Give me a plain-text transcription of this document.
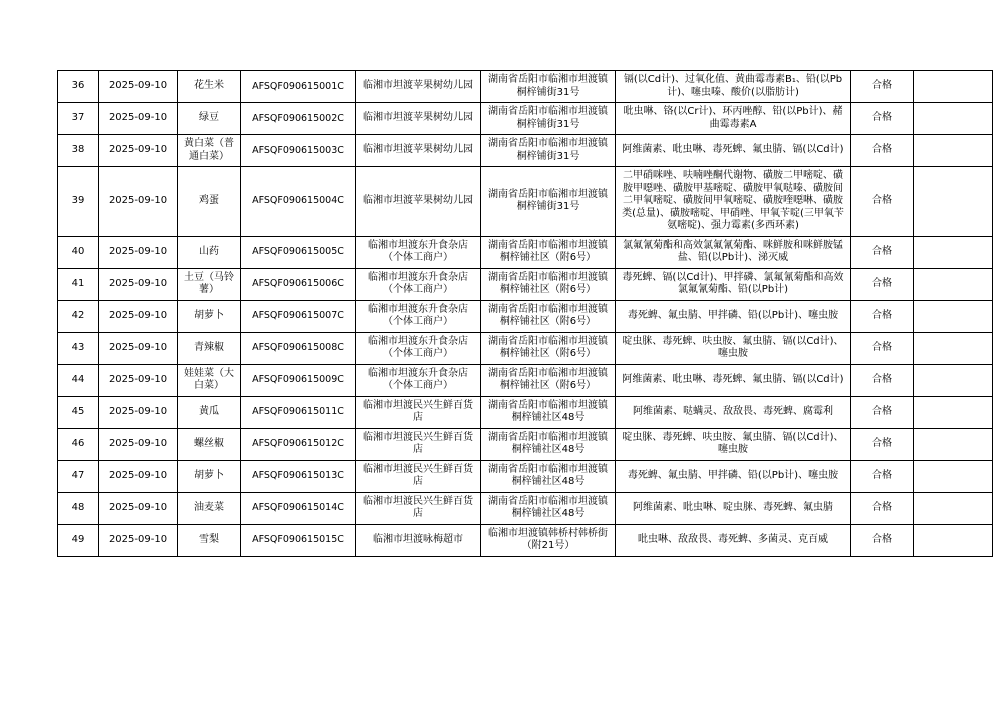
36	2025-09-10	花生米	AFSQF090615001C	临湘市坦渡苹果树幼儿园	湖南省岳阳市临湘市坦渡镇桐梓铺街31号	镉(以Cd计)、过氧化值、黄曲霉毒素B₁、铅(以Pb计)、噻虫嗪、酸价(以脂肪计)	合格	
37	2025-09-10	绿豆	AFSQF090615002C	临湘市坦渡苹果树幼儿园	湖南省岳阳市临湘市坦渡镇桐梓铺街31号	吡虫啉、铬(以Cr计)、环丙唑醇、铅(以Pb计)、赭曲霉毒素A	合格	
38	2025-09-10	黄白菜（普通白菜）	AFSQF090615003C	临湘市坦渡苹果树幼儿园	湖南省岳阳市临湘市坦渡镇桐梓铺街31号	阿维菌素、吡虫啉、毒死蜱、氟虫腈、镉(以Cd计)	合格	
39	2025-09-10	鸡蛋	AFSQF090615004C	临湘市坦渡苹果树幼儿园	湖南省岳阳市临湘市坦渡镇桐梓铺街31号	二甲硝咪唑、呋喃唑酮代谢物、磺胺二甲嘧啶、磺胺甲噁唑、磺胺甲基嘧啶、磺胺甲氧哒嗪、磺胺间二甲氧嘧啶、磺胺间甲氧嘧啶、磺胺喹噁啉、磺胺类(总量)、磺胺嘧啶、甲硝唑、甲氧苄啶(三甲氧苄氨嘧啶)、强力霉素(多西环素)	合格	
40	2025-09-10	山药	AFSQF090615005C	临湘市坦渡东升食杂店（个体工商户）	湖南省岳阳市临湘市坦渡镇桐梓铺社区（附6号）	氯氟氰菊酯和高效氯氟氰菊酯、咪鲜胺和咪鲜胺锰盐、铅(以Pb计)、涕灭威	合格	
41	2025-09-10	土豆（马铃薯）	AFSQF090615006C	临湘市坦渡东升食杂店（个体工商户）	湖南省岳阳市临湘市坦渡镇桐梓铺社区（附6号）	毒死蜱、镉(以Cd计)、甲拌磷、氯氟氰菊酯和高效氯氟氰菊酯、铅(以Pb计)	合格	
42	2025-09-10	胡萝卜	AFSQF090615007C	临湘市坦渡东升食杂店（个体工商户）	湖南省岳阳市临湘市坦渡镇桐梓铺社区（附6号）	毒死蜱、氟虫腈、甲拌磷、铅(以Pb计)、噻虫胺	合格	
43	2025-09-10	青辣椒	AFSQF090615008C	临湘市坦渡东升食杂店（个体工商户）	湖南省岳阳市临湘市坦渡镇桐梓铺社区（附6号）	啶虫脒、毒死蜱、呋虫胺、氟虫腈、镉(以Cd计)、噻虫胺	合格	
44	2025-09-10	娃娃菜（大白菜）	AFSQF090615009C	临湘市坦渡东升食杂店（个体工商户）	湖南省岳阳市临湘市坦渡镇桐梓铺社区（附6号）	阿维菌素、吡虫啉、毒死蜱、氟虫腈、镉(以Cd计)	合格	
45	2025-09-10	黄瓜	AFSQF090615011C	临湘市坦渡民兴生鲜百货店	湖南省岳阳市临湘市坦渡镇桐梓铺社区48号	阿维菌素、哒螨灵、敌敌畏、毒死蜱、腐霉利	合格	
46	2025-09-10	螺丝椒	AFSQF090615012C	临湘市坦渡民兴生鲜百货店	湖南省岳阳市临湘市坦渡镇桐梓铺社区48号	啶虫脒、毒死蜱、呋虫胺、氟虫腈、镉(以Cd计)、噻虫胺	合格	
47	2025-09-10	胡萝卜	AFSQF090615013C	临湘市坦渡民兴生鲜百货店	湖南省岳阳市临湘市坦渡镇桐梓铺社区48号	毒死蜱、氟虫腈、甲拌磷、铅(以Pb计)、噻虫胺	合格	
48	2025-09-10	油麦菜	AFSQF090615014C	临湘市坦渡民兴生鲜百货店	湖南省岳阳市临湘市坦渡镇桐梓铺社区48号	阿维菌素、吡虫啉、啶虫脒、毒死蜱、氟虫腈	合格	
49	2025-09-10	雪梨	AFSQF090615015C	临湘市坦渡咏梅超市	临湘市坦渡镇韩桥村韩桥街（附21号）	吡虫啉、敌敌畏、毒死蜱、多菌灵、克百威	合格	
